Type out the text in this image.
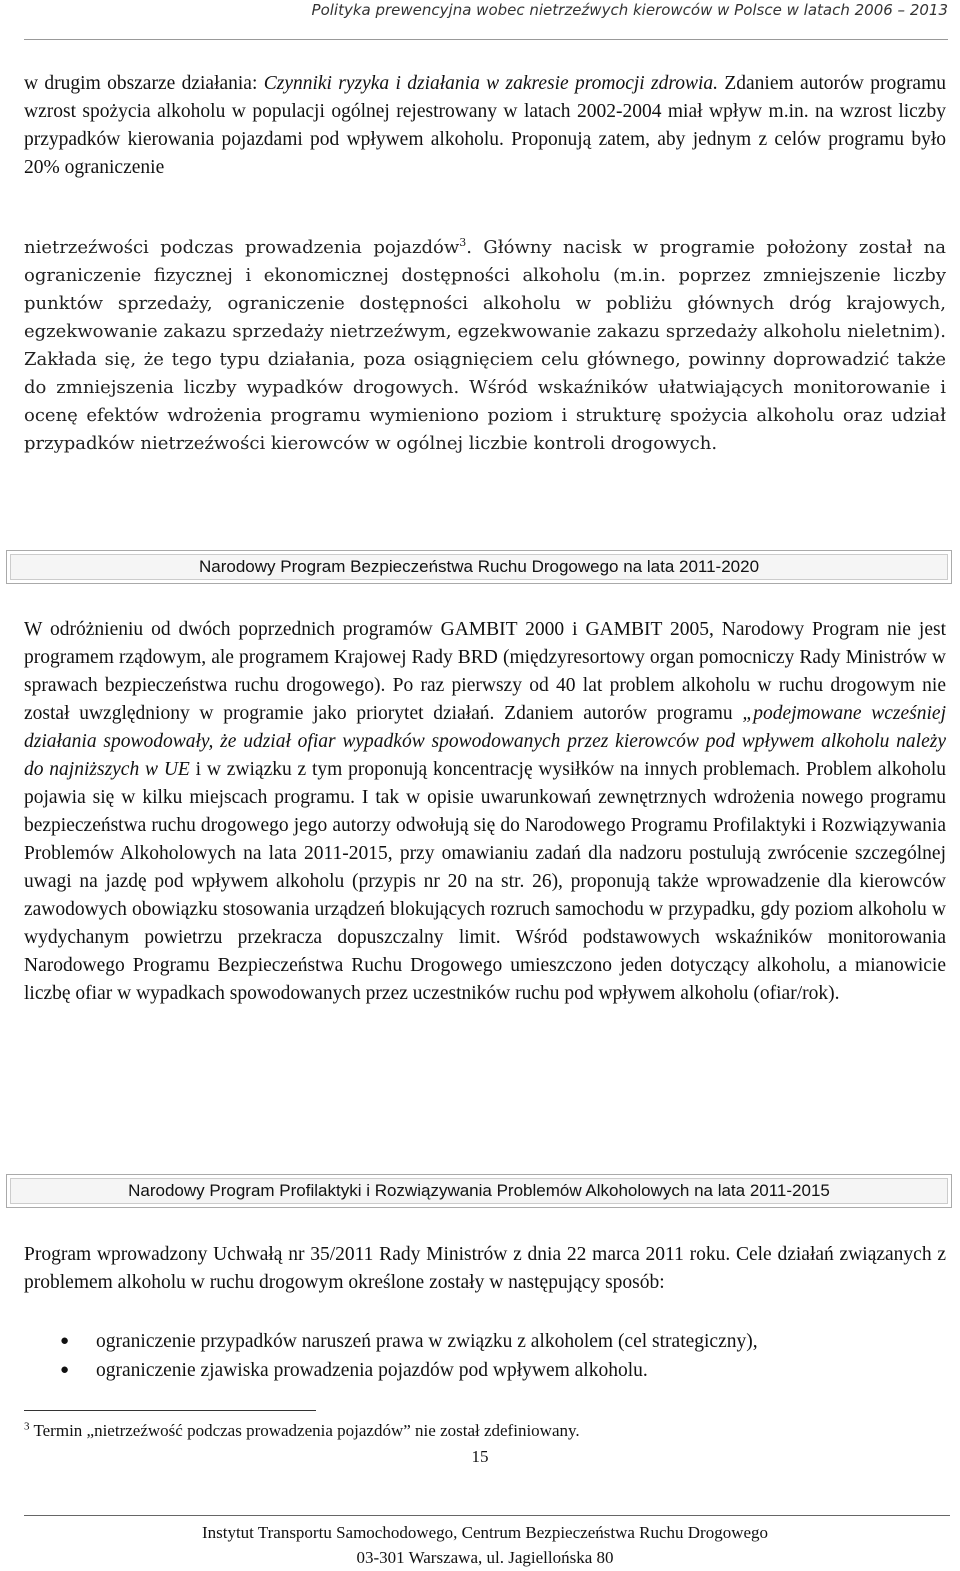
Polityka prewencyjna wobec nietrzeźwych kierowców w Polsce w latach 2006 – 2013

w drugim obszarze działania: Czynniki ryzyka i działania w zakresie promocji zdrowia. Zdaniem autorów programu wzrost spożycia alkoholu w populacji ogólnej rejestrowany w latach 2002-2004 miał wpływ m.in. na wzrost liczby przypadków kierowania pojazdami pod wpływem alkoholu. Proponują zatem, aby jednym z celów programu było 20% ograniczenie

nietrzeźwości podczas prowadzenia pojazdów$^3$. Główny nacisk w programie położony został na ograniczenie fizycznej i ekonomicznej dostępności alkoholu (m.in. poprzez zmniejszenie liczby punktów sprzedaży, ograniczenie dostępności alkoholu w pobliżu głównych dróg krajowych, egzekwowanie zakazu sprzedaży nietrzeźwym, egzekwowanie zakazu sprzedaży alkoholu nieletnim). Zakłada się, że tego typu działania, poza osiągnięciem celu głównego, powinny doprowadzić także do zmniejszenia liczby wypadków drogowych. Wśród wskaźników ułatwiających monitorowanie i ocenę efektów wdrożenia programu wymieniono poziom i strukturę spożycia alkoholu oraz udział przypadków nietrzeźwości kierowców w ogólnej liczbie kontroli drogowych.

Narodowy Program Bezpieczeństwa Ruchu Drogowego na lata 2011-2020

W odróżnieniu od dwóch poprzednich programów GAMBIT 2000 i GAMBIT 2005, Narodowy Program nie jest programem rządowym, ale programem Krajowej Rady BRD (międzyresortowy organ pomocniczy Rady Ministrów w sprawach bezpieczeństwa ruchu drogowego). Po raz pierwszy od 40 lat problem alkoholu w ruchu drogowym nie został uwzględniony w programie jako priorytet działań. Zdaniem autorów programu „podejmowane wcześniej działania spowodowały, że udział ofiar wypadków spowodowanych przez kierowców pod wpływem alkoholu należy do najniższych w UE i w związku z tym proponują koncentrację wysiłków na innych problemach. Problem alkoholu pojawia się w kilku miejscach programu. I tak w opisie uwarunkowań zewnętrznych wdrożenia nowego programu bezpieczeństwa ruchu drogowego jego autorzy odwołują się do Narodowego Programu Profilaktyki i Rozwiązywania Problemów Alkoholowych na lata 2011-2015, przy omawianiu zadań dla nadzoru postulują zwrócenie szczególnej uwagi na jazdę pod wpływem alkoholu (przypis nr 20 na str. 26), proponują także wprowadzenie dla kierowców zawodowych obowiązku stosowania urządzeń blokujących rozruch samochodu w przypadku, gdy poziom alkoholu w wydychanym powietrzu przekracza dopuszczalny limit. Wśród podstawowych wskaźników monitorowania Narodowego Programu Bezpieczeństwa Ruchu Drogowego umieszczono jeden dotyczący alkoholu, a mianowicie liczbę ofiar w wypadkach spowodowanych przez uczestników ruchu pod wpływem alkoholu (ofiar/rok).

Narodowy Program Profilaktyki i Rozwiązywania Problemów Alkoholowych na lata 2011-2015

Program wprowadzony Uchwałą nr 35/2011 Rady Ministrów z dnia 22 marca 2011 roku. Cele działań związanych z problemem alkoholu w ruchu drogowym określone zostały w następujący sposób:

● ograniczenie przypadków naruszeń prawa w związku z alkoholem (cel strategiczny),
● ograniczenie zjawiska prowadzenia pojazdów pod wpływem alkoholu.
$^3$ Termin „nietrzeźwość podczas prowadzenia pojazdów” nie został zdefiniowany.
15
Instytut Transportu Samochodowego, Centrum Bezpieczeństwa Ruchu Drogowego
03-301 Warszawa, ul. Jagiellońska 80
